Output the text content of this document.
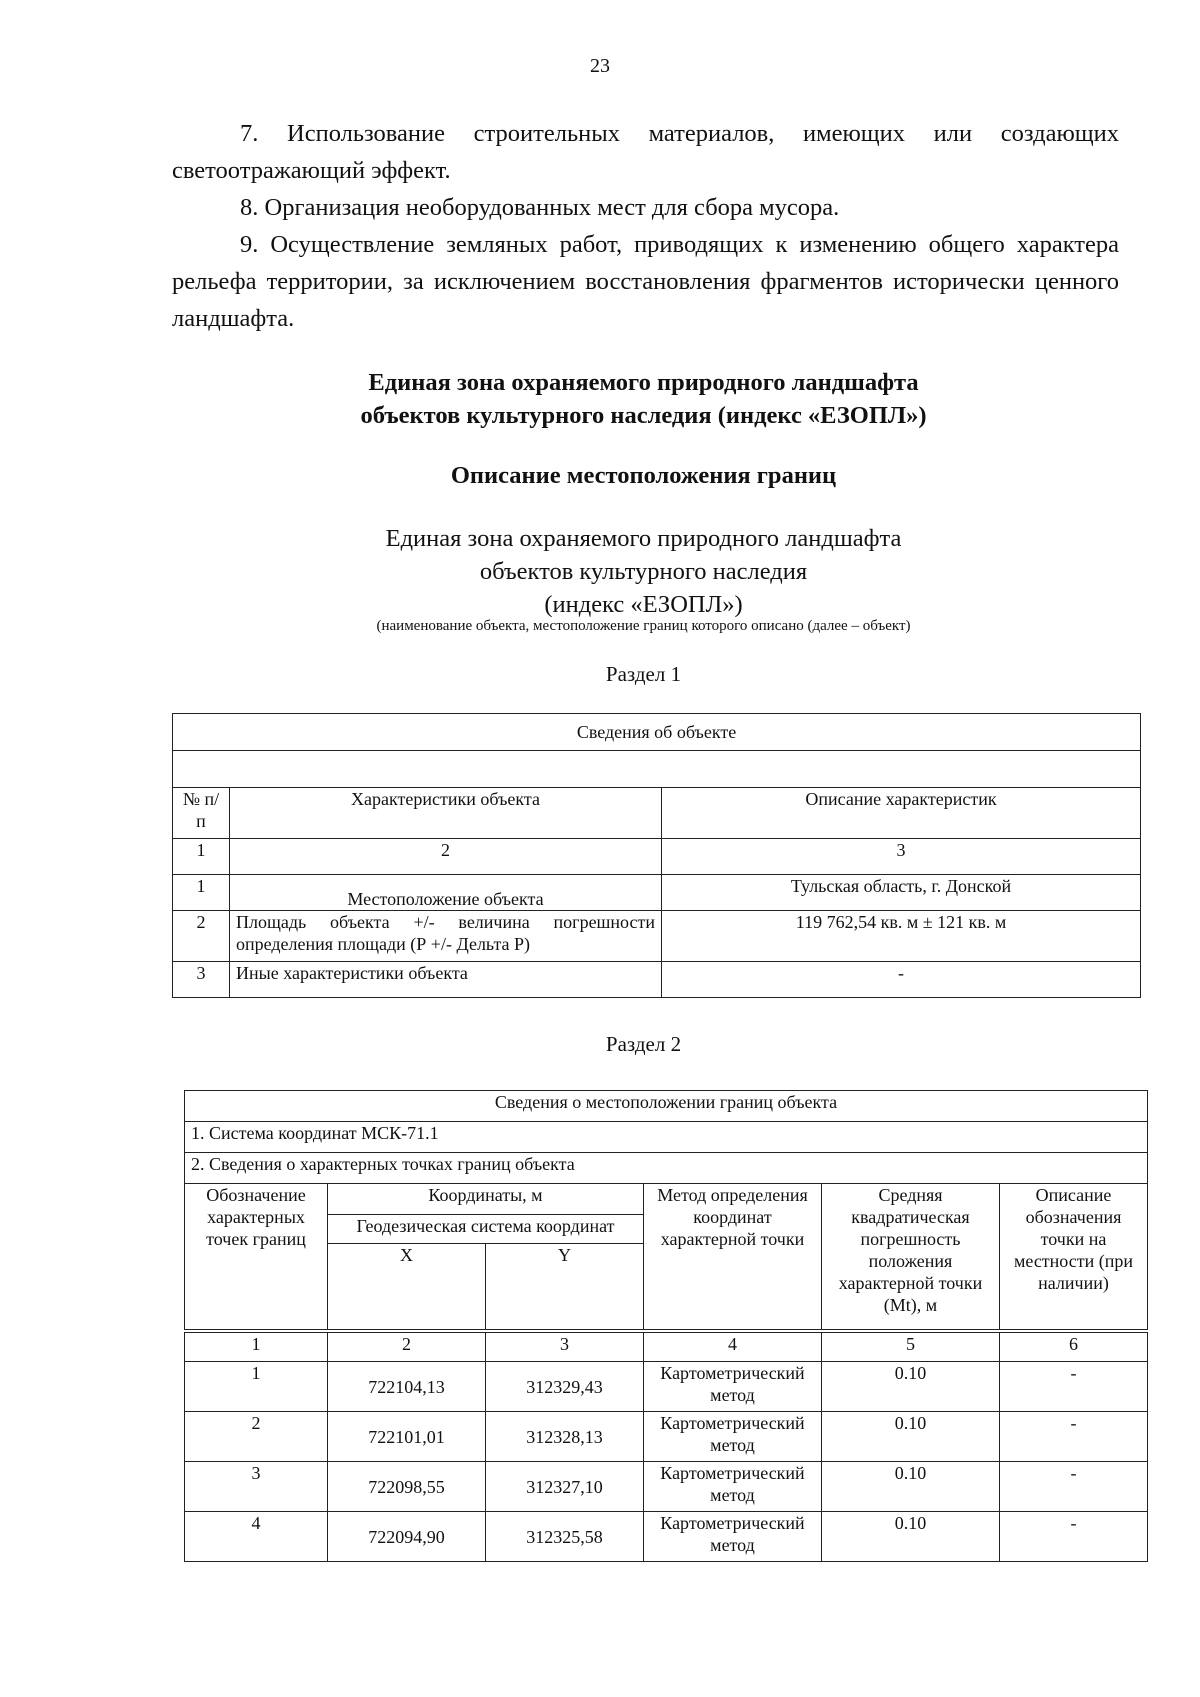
23

7. Использование строительных материалов, имеющих или создающих светоотражающий эффект.

8. Организация необорудованных мест для сбора мусора.

9. Осуществление земляных работ, приводящих к изменению общего характера рельефа территории, за исключением восстановления фрагментов исторически ценного ландшафта.

Единая зона охраняемого природного ландшафта
объектов культурного наследия (индекс «ЕЗОПЛ»)
Описание местоположения границ
Единая зона охраняемого природного ландшафта
объектов культурного наследия
(индекс «ЕЗОПЛ»)
(наименование объекта, местоположение границ которого описано (далее – объект)
Раздел 1
Сведения об объекте		

№ п/п	Характеристики объекта	Описание характеристик
1	2	3
1	Местоположение объекта	Тульская область, г. Донской
2	Площадь объекта +/- величина погрешности определения площади (Р +/- Дельта Р)	119 762,54 кв. м ± 121 кв. м
3	Иные характеристики объекта	-
Раздел 2
Сведения о местоположении границ объекта					
1. Система координат МСК-71.1					
2. Сведения о характерных точках границ объекта					
Обозначение характерных точек границ	Координаты, м		Метод определения координат характерной точки	Средняя квадратическая погрешность положения характерной точки (Mt), м	Описание обозначения точки на местности (при наличии)
	Геодезическая система координат				
	X	Y			
1	2	3	4	5	6
1	722104,13	312329,43	Картометрический метод	0.10	-
2	722101,01	312328,13	Картометрический метод	0.10	-
3	722098,55	312327,10	Картометрический метод	0.10	-
4	722094,90	312325,58	Картометрический метод	0.10	-
